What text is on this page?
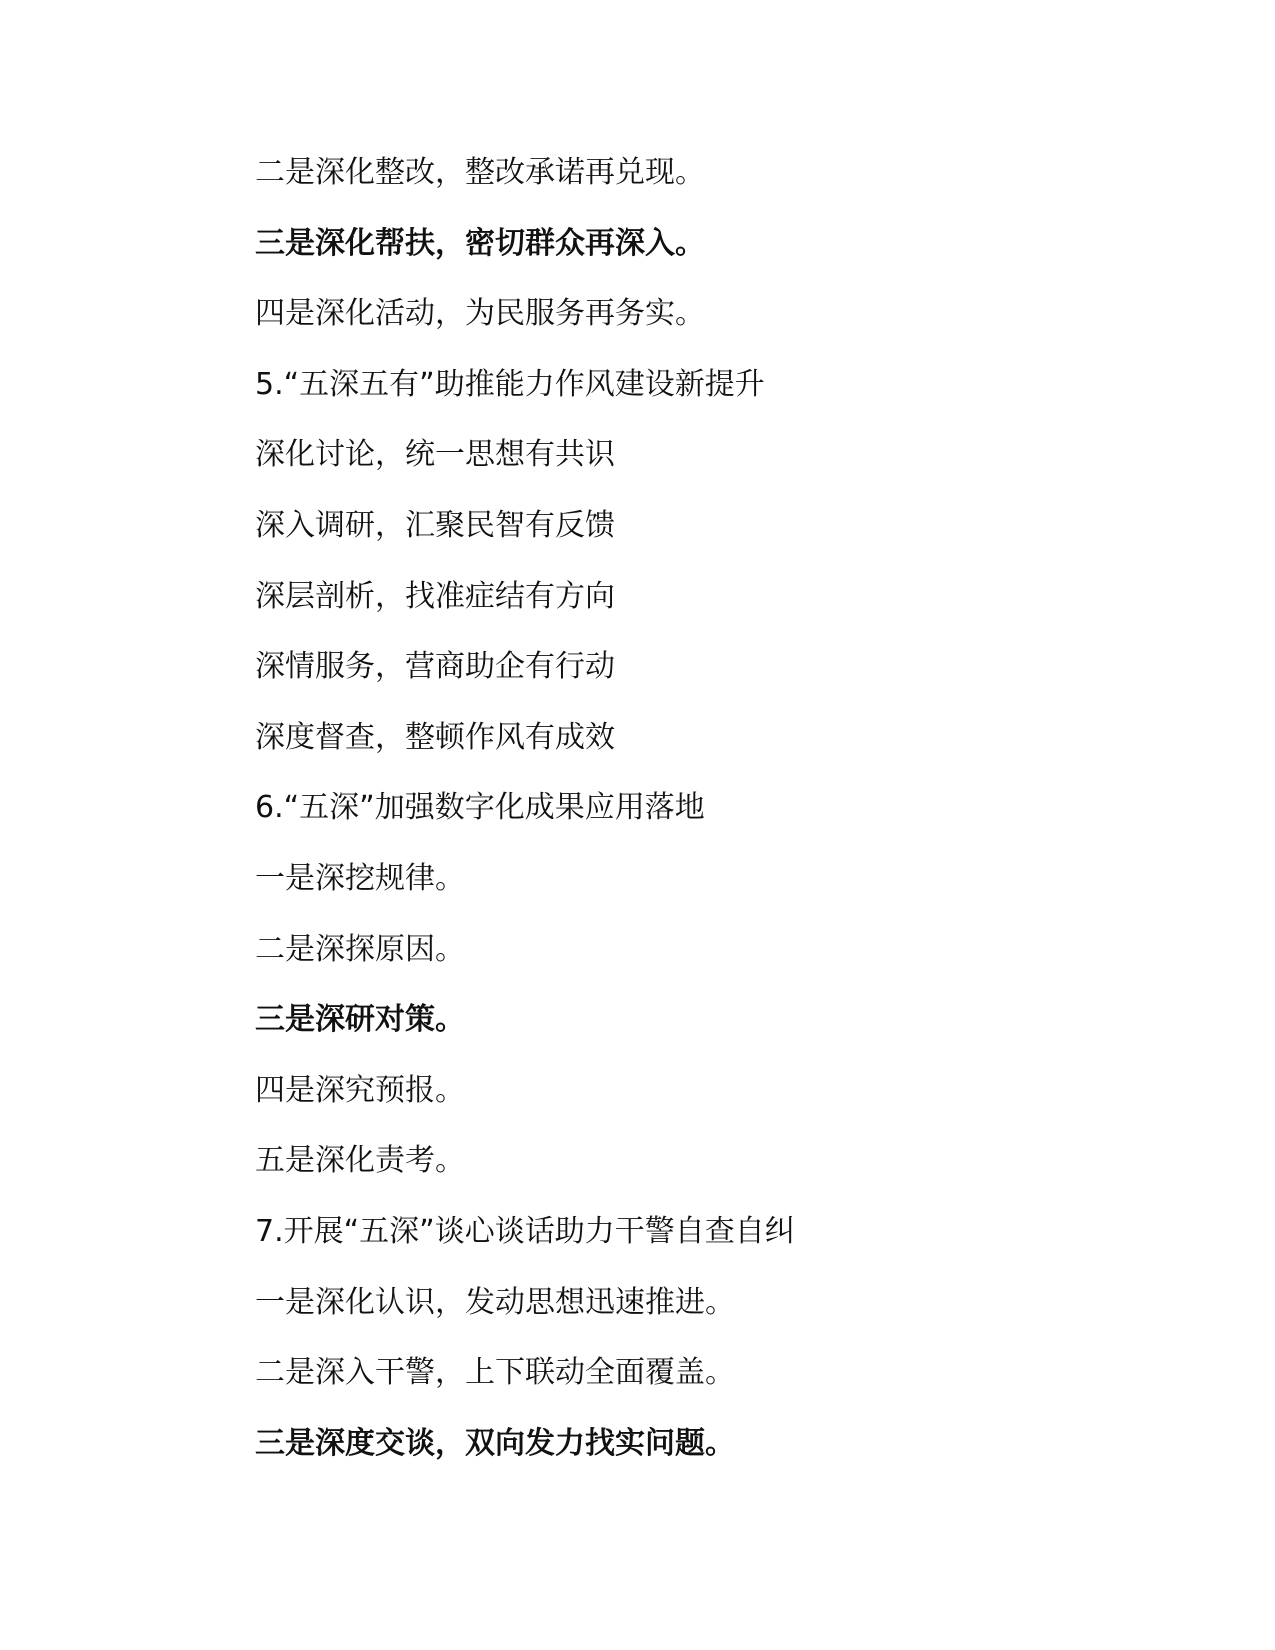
二是深化整改，整改承诺再兑现。
三是深化帮扶，密切群众再深入。
四是深化活动，为民服务再务实。
5.“五深五有”助推能力作风建设新提升
深化讨论，统一思想有共识
深入调研，汇聚民智有反馈
深层剖析，找准症结有方向
深情服务，营商助企有行动
深度督查，整顿作风有成效
6.“五深”加强数字化成果应用落地
一是深挖规律。
二是深探原因。
三是深研对策。
四是深究预报。
五是深化责考。
7.开展“五深”谈心谈话助力干警自查自纠
一是深化认识，发动思想迅速推进。
二是深入干警，上下联动全面覆盖。
三是深度交谈，双向发力找实问题。
